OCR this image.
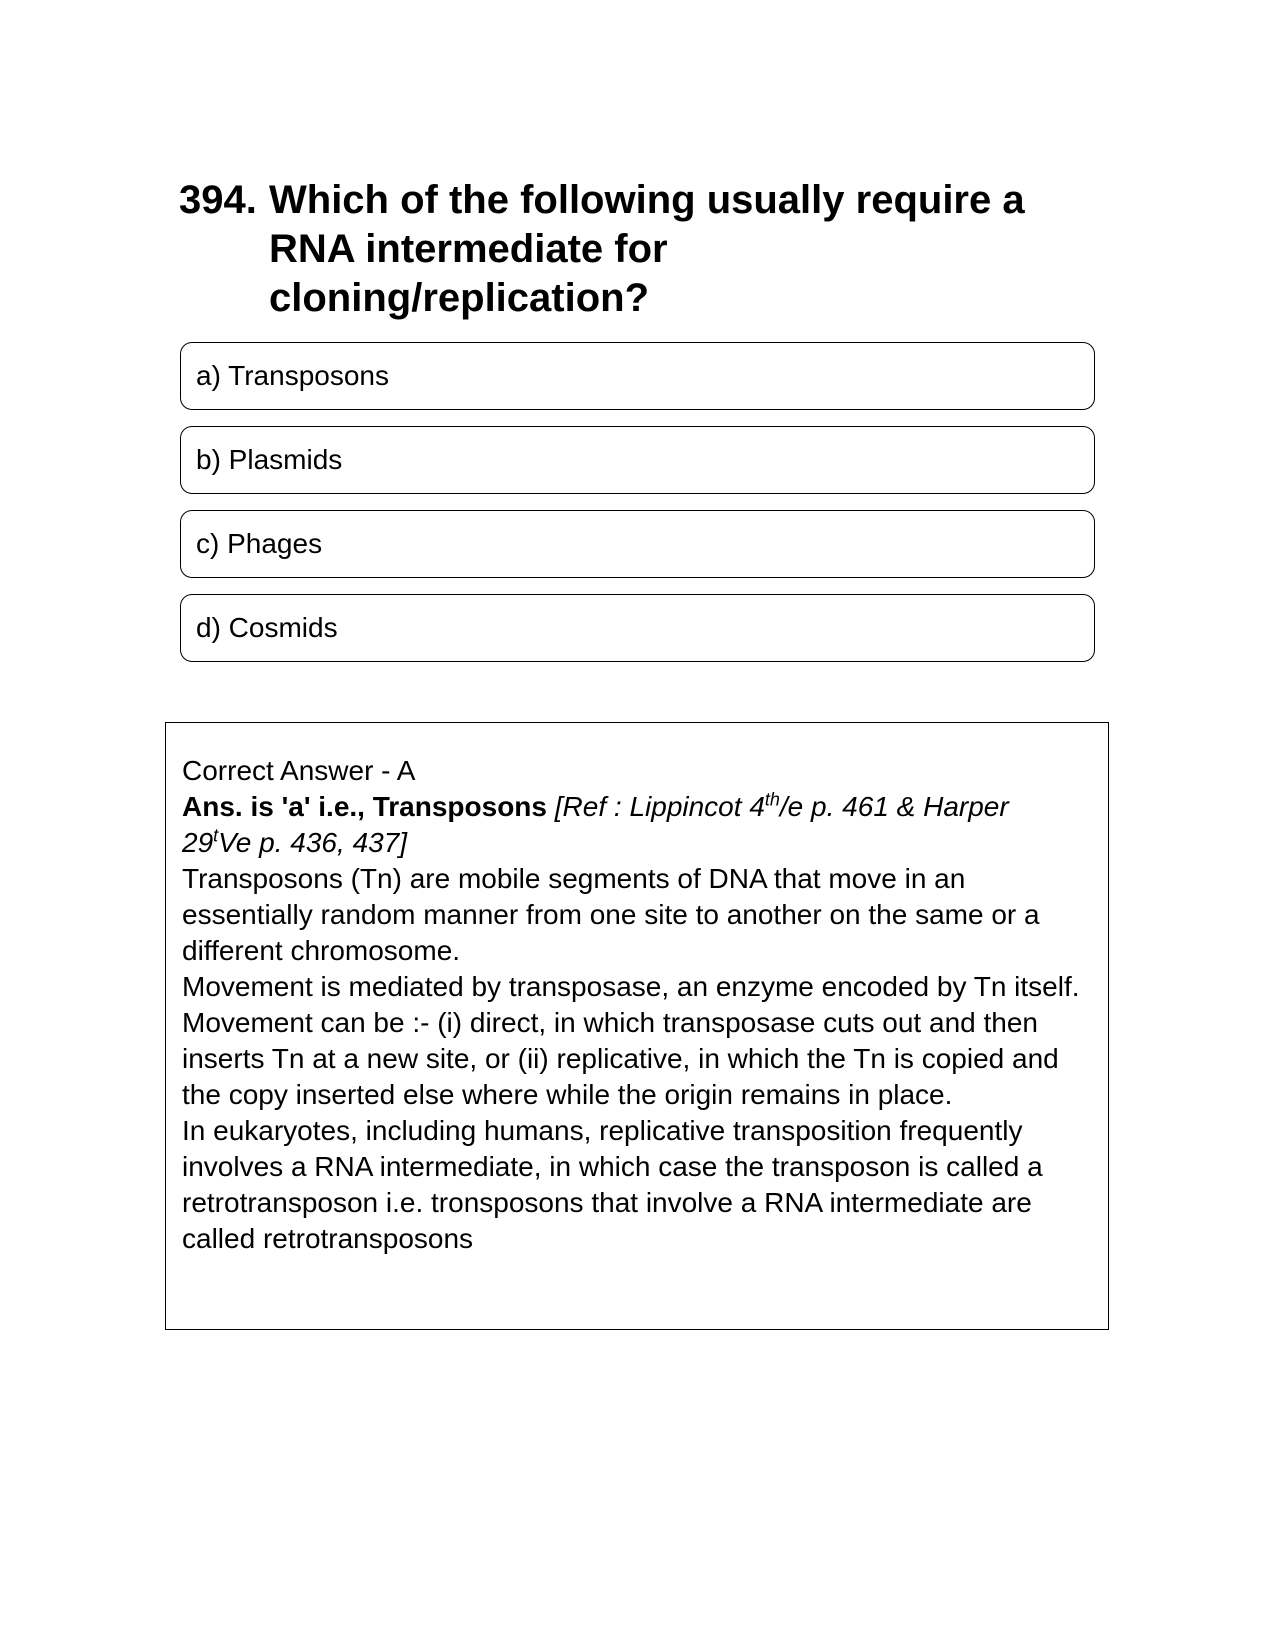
394. Which of the following usually require a
RNA intermediate for
cloning/replication?
a) Transposons
b) Plasmids
c) Phages
d) Cosmids

Correct Answer - A

Ans. is 'a' i.e., Transposons [Ref : Lippincot 4th/e p. 461 & Harper
29$^t$Ve p. 436, 437]

Transposons (Tn) are mobile segments of DNA that move in an essentially random manner from one site to another on the same or a different chromosome.

Movement is mediated by transposase, an enzyme encoded by Tn itself. Movement can be :- (i) direct, in which transposase cuts out and then inserts Tn at a new site, or (ii) replicative, in which the Tn is copied and the copy inserted else where while the origin remains in place.

In eukaryotes, including humans, replicative transposition frequently involves a RNA intermediate, in which case the transposon is called a retrotransposon i.e. tronsposons that involve a RNA intermediate are called retrotransposons
